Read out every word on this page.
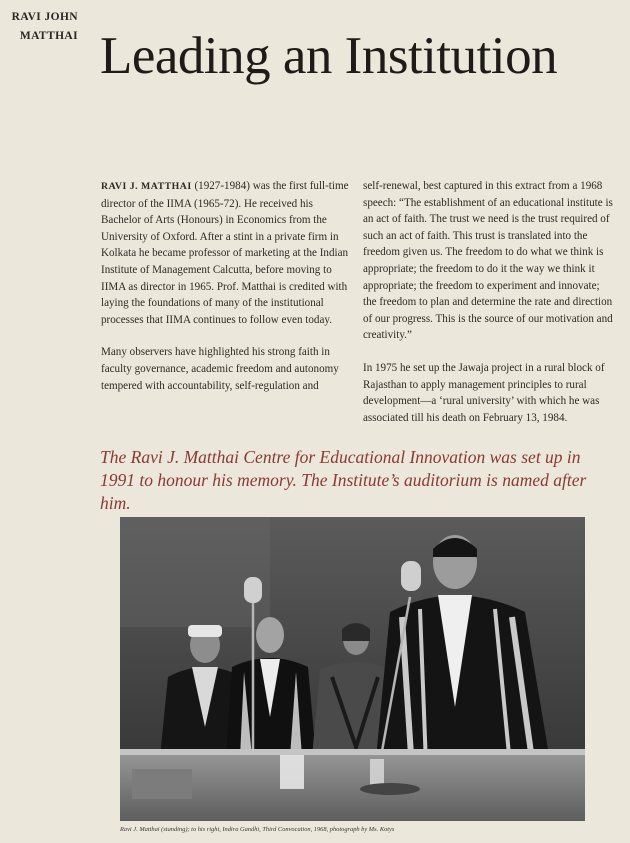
RAVI JOHN
MATTHAI Leading an Institution

RAVI J. MATTHAI (1927-1984) was the first full-time director of the IIMA (1965-72). He received his Bachelor of Arts (Honours) in Economics from the University of Oxford. After a stint in a private firm in Kolkata he became professor of marketing at the Indian Institute of Management Calcutta, before moving to IIMA as director in 1965. Prof. Matthai is credited with laying the foundations of many of the institutional processes that IIMA continues to follow even today.

Many observers have highlighted his strong faith in faculty governance, academic freedom and autonomy tempered with accountability, self-regulation and

self-renewal, best captured in this extract from a 1968 speech: “The establishment of an educational institute is an act of faith. The trust we need is the trust required of such an act of faith. This trust is translated into the freedom given us. The freedom to do what we think is appropriate; the freedom to do it the way we think it appropriate; the freedom to experiment and innovate; the freedom to plan and determine the rate and direction of our progress. This is the source of our motivation and creativity.”

In 1975 he set up the Jawaja project in a rural block of Rajasthan to apply management principles to rural development—a ‘rural university’ with which he was associated till his death on February 13, 1984.

The Ravi J. Matthai Centre for Educational Innovation was set up in 1991 to honour his memory. The Institute’s auditorium is named after him.

Ravi J. Matthai (standing); to his right, Indira Gandhi, Third Convocation, 1968, photograph by Ms. Kotys
